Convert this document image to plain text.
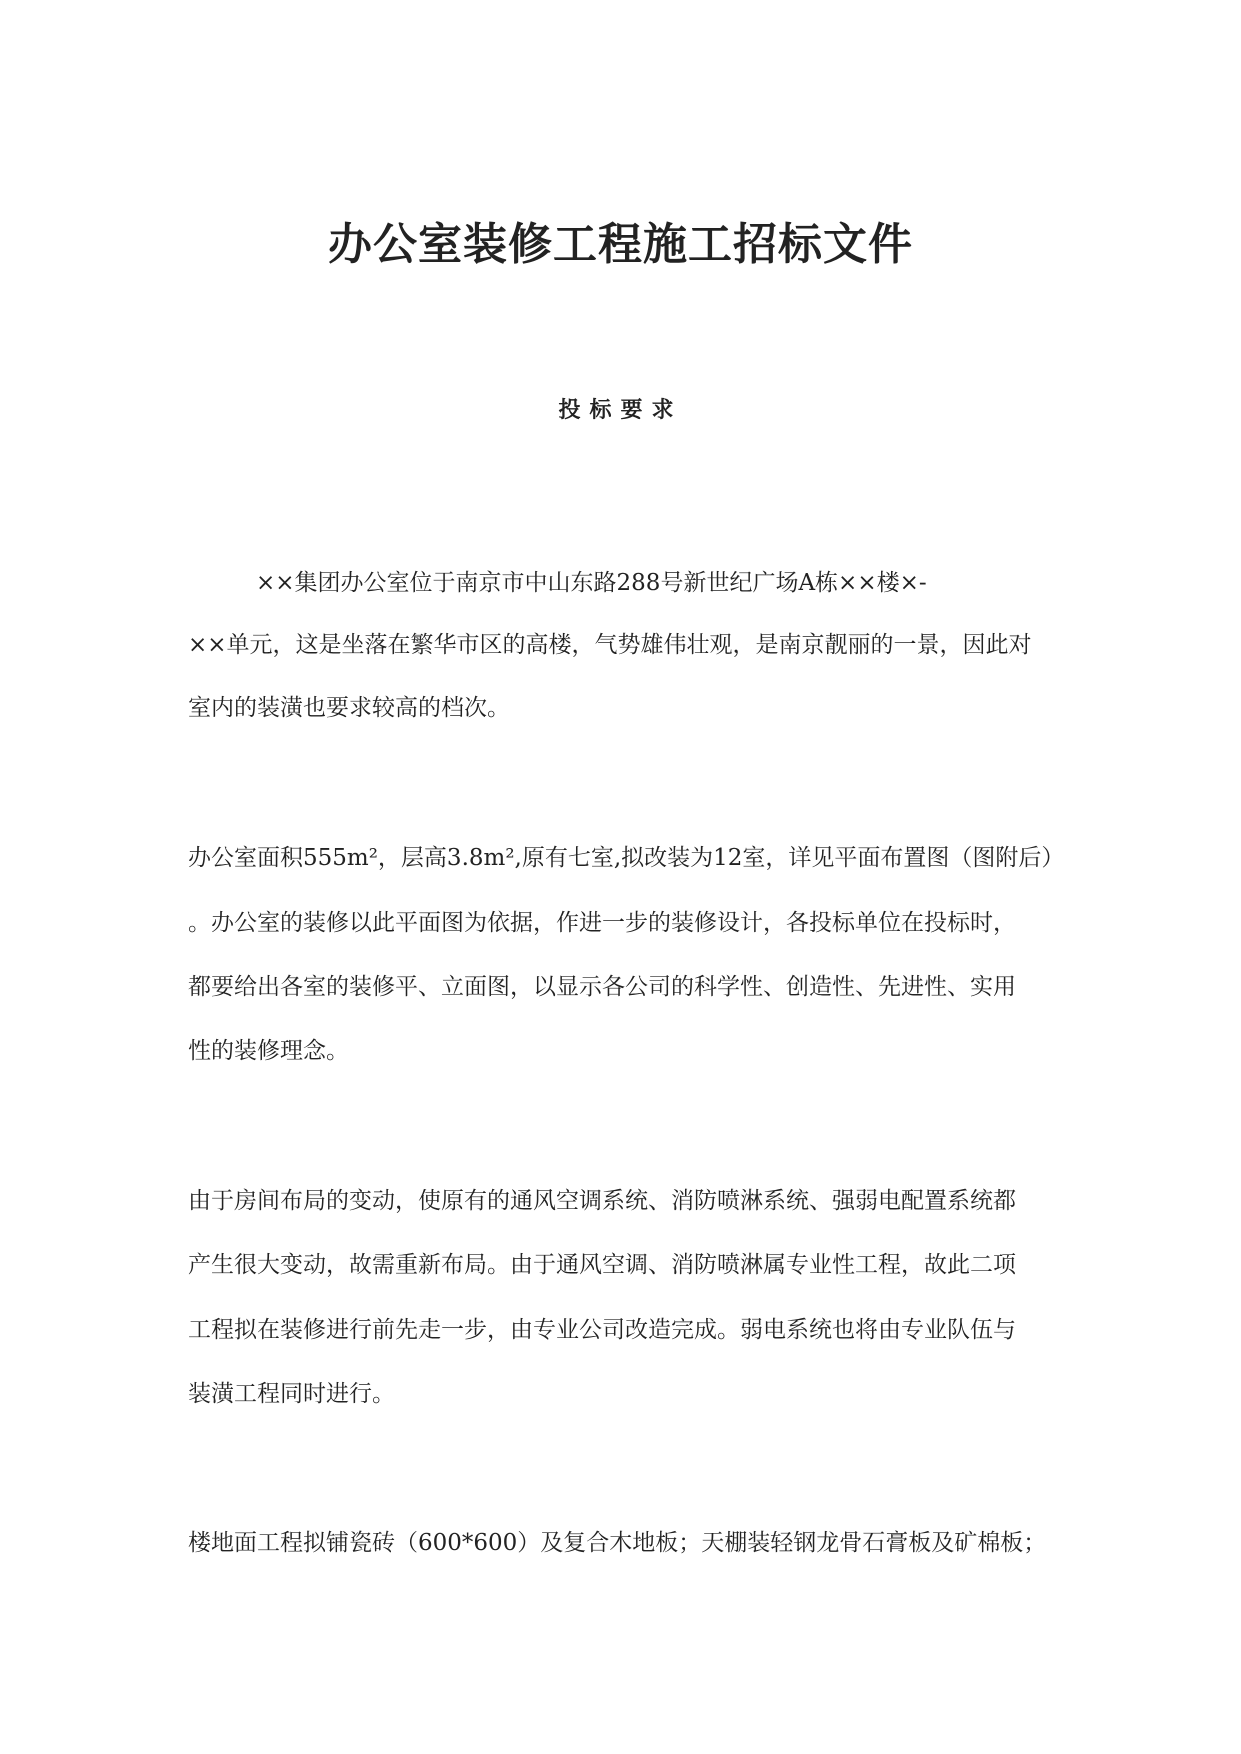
办公室装修工程施工招标文件
投标要求
××集团办公室位于南京市中山东路288号新世纪广场A栋××楼×-
××单元，这是坐落在繁华市区的高楼，气势雄伟壮观，是南京靓丽的一景，因此对
室内的装潢也要求较高的档次。
办公室面积555m²，层高3.8m²,原有七室,拟改装为12室，详见平面布置图（图附后）
。办公室的装修以此平面图为依据，作进一步的装修设计，各投标单位在投标时，
都要给出各室的装修平、立面图，以显示各公司的科学性、创造性、先进性、实用
性的装修理念。
由于房间布局的变动，使原有的通风空调系统、消防喷淋系统、强弱电配置系统都
产生很大变动，故需重新布局。由于通风空调、消防喷淋属专业性工程，故此二项
工程拟在装修进行前先走一步，由专业公司改造完成。弱电系统也将由专业队伍与
装潢工程同时进行。
楼地面工程拟铺瓷砖（600*600）及复合木地板；天棚装轻钢龙骨石膏板及矿棉板；
